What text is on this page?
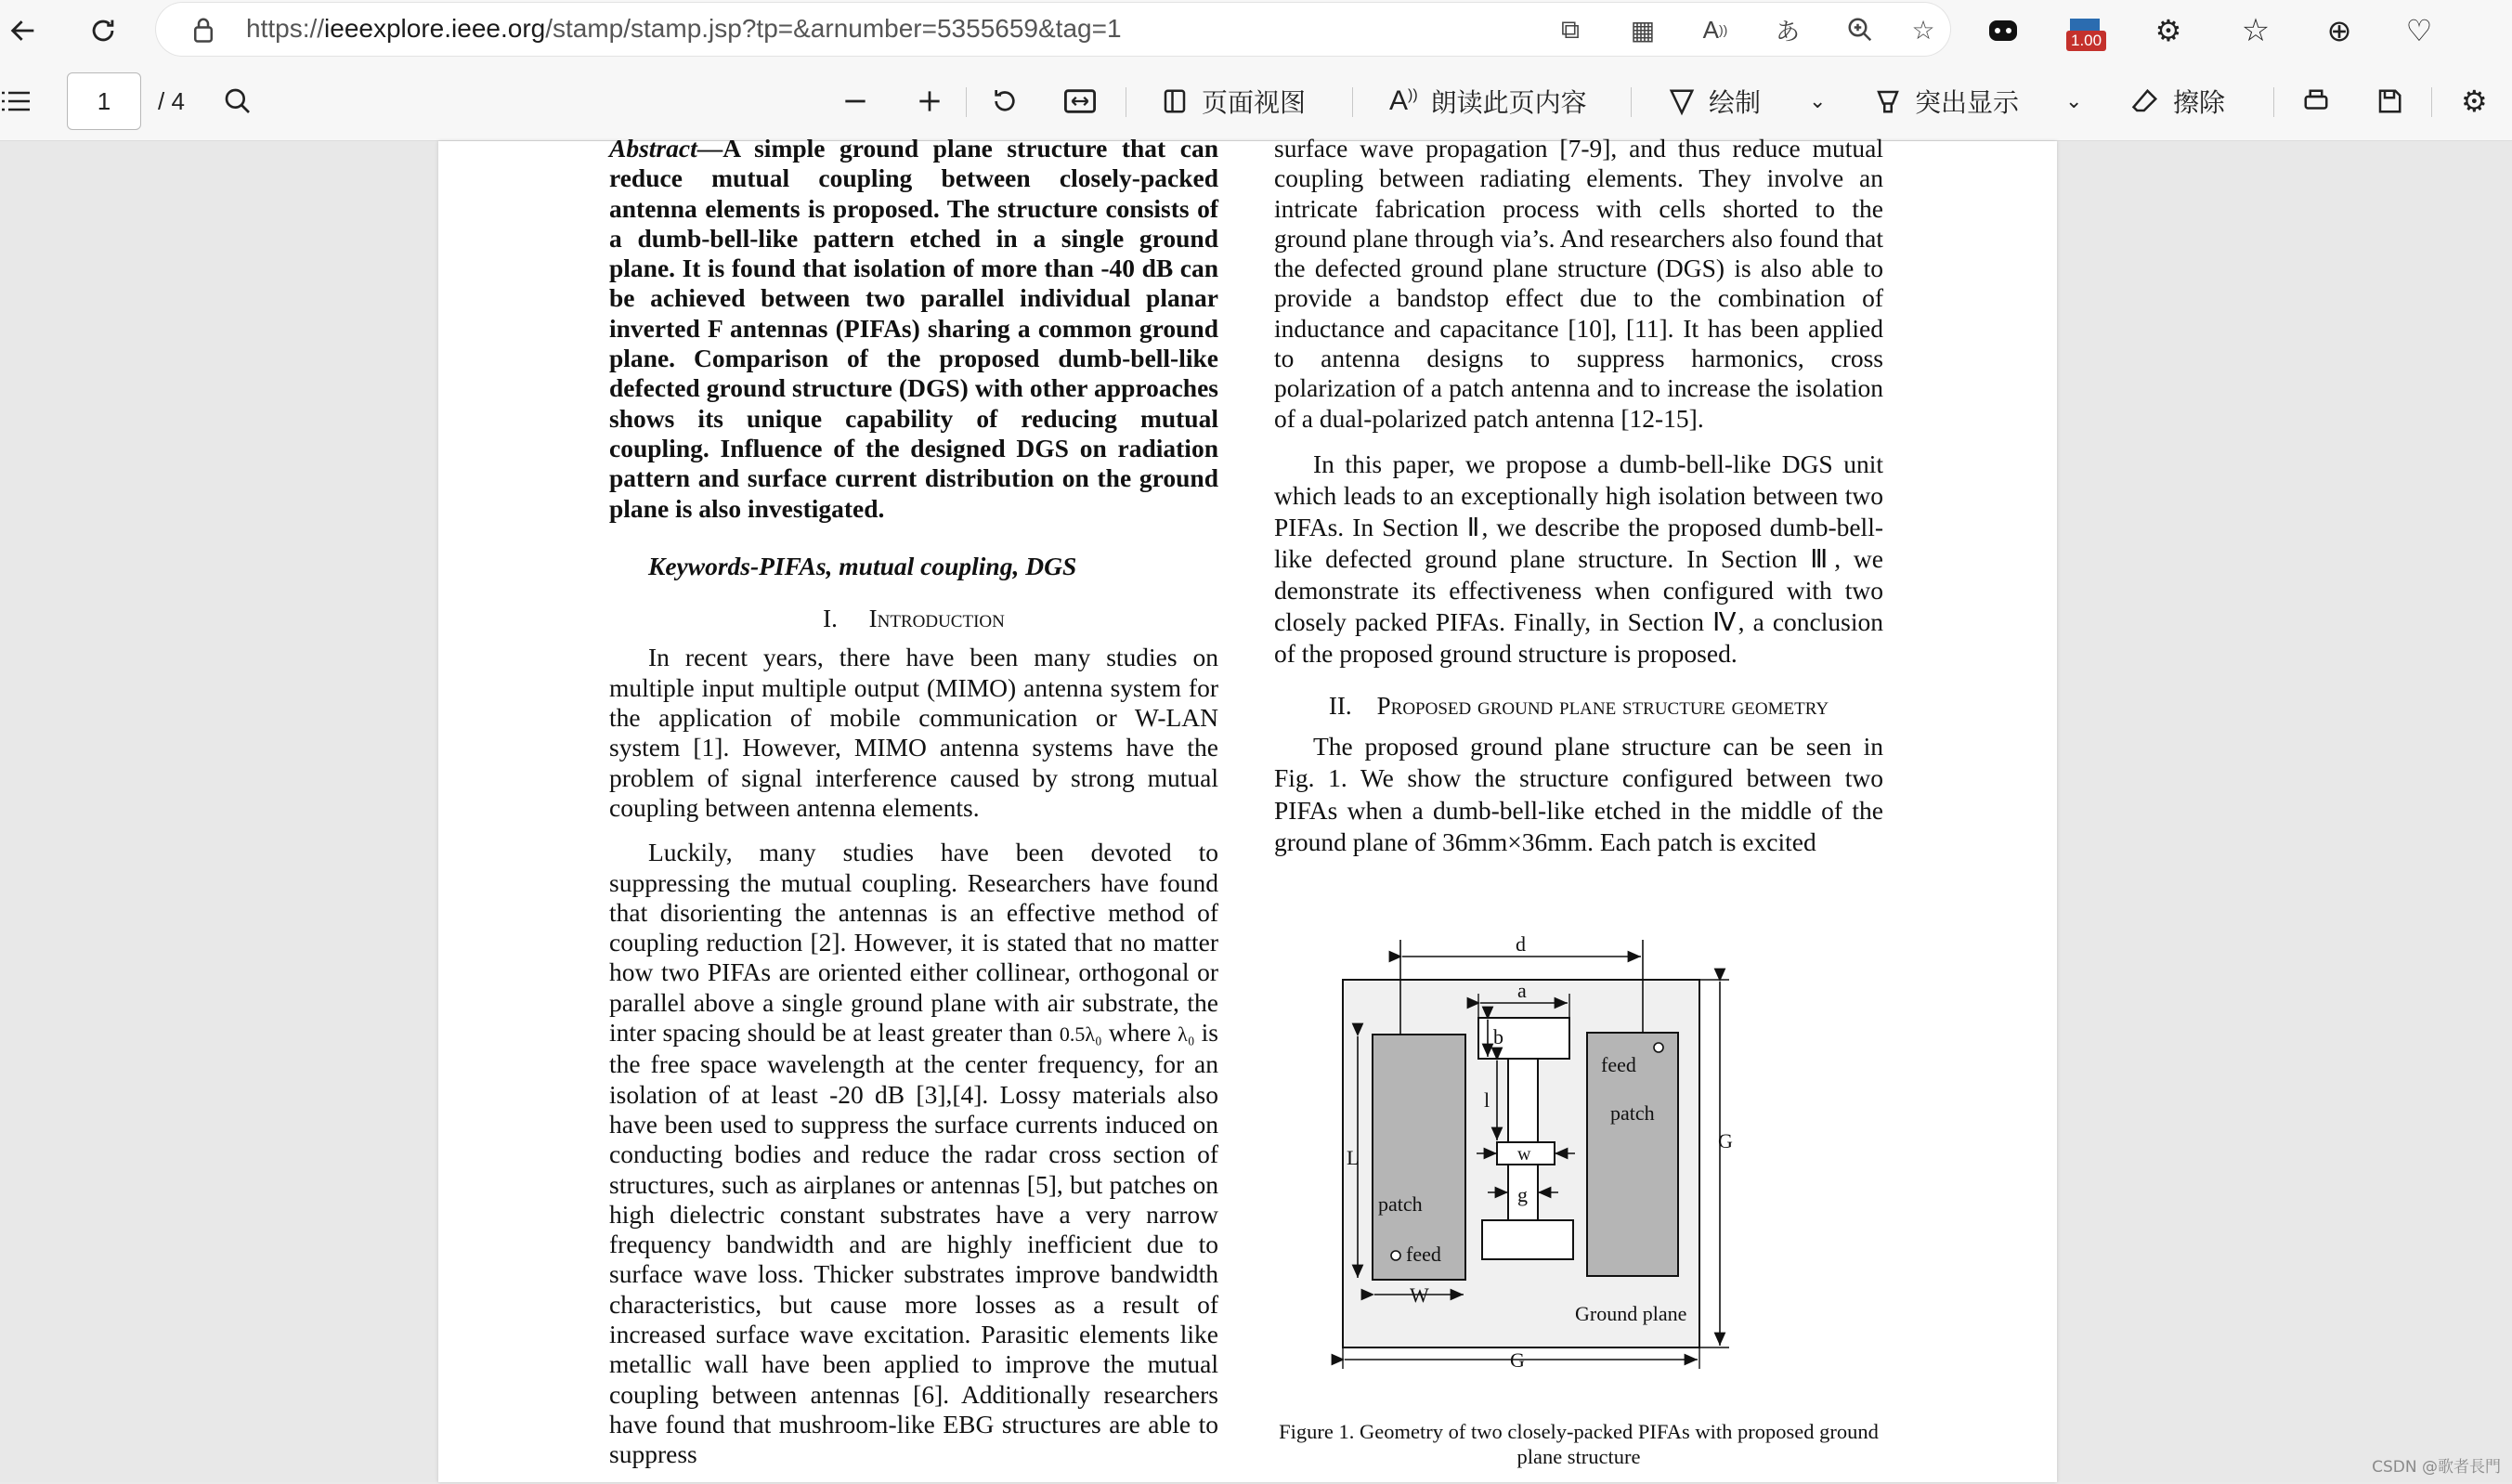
https://ieeexplore.ieee.org/stamp/stamp.jsp?tp=&arnumber=5355659&tag=1	⧉	▦ A ))	あ	☆	1.00	⚙	☆	⊕	♡
1	/ 4	页面视图	A)) 朗读此页内容	绘制 ⌄	突出显示 ⌄	擦除	⚙
Abstract—A simple ground plane structure that can reduce mutual coupling between closely-packed antenna elements is proposed. The structure consists of a dumb-bell-like pattern etched in a single ground plane. It is found that isolation of more than -40 dB can be achieved between two parallel individual planar inverted F antennas (PIFAs) sharing a common ground plane. Comparison of the proposed dumb-bell-like defected ground structure (DGS) with other approaches shows its unique capability of reducing mutual coupling. Influence of the designed DGS on radiation pattern and surface current distribution on the ground plane is also investigated.
Keywords-PIFAs, mutual coupling, DGS
I. Introduction
In recent years, there have been many studies on multiple input multiple output (MIMO) antenna system for the application of mobile communication or W-LAN system [1]. However, MIMO antenna systems have the problem of signal interference caused by strong mutual coupling between antenna elements.
Luckily, many studies have been devoted to suppressing the mutual coupling. Researchers have found that disorienting the antennas is an effective method of coupling reduction [2]. However, it is stated that no matter how two PIFAs are oriented either collinear, orthogonal or parallel above a single ground plane with air substrate, the inter spacing should be at least greater than 0.5λ₀ where λ₀ is the free space wavelength at the center frequency, for an isolation of at least -20 dB [3],[4]. Lossy materials also have been used to suppress the surface currents induced on conducting bodies and reduce the radar cross section of structures, such as airplanes or antennas [5], but patches on high dielectric constant substrates have a very narrow frequency bandwidth and are highly inefficient due to surface wave loss. Thicker substrates improve bandwidth characteristics, but cause more losses as a result of increased surface wave excitation. Parasitic elements like metallic wall have been applied to improve the mutual coupling between antennas [6]. Additionally researchers have found that mushroom-like EBG structures are able to suppress
surface wave propagation [7-9], and thus reduce mutual coupling between radiating elements. They involve an intricate fabrication process with cells shorted to the ground plane through via’s. And researchers also found that the defected ground plane structure (DGS) is also able to provide a bandstop effect due to the combination of inductance and capacitance [10], [11]. It has been applied to antenna designs to suppress harmonics, cross polarization of a patch antenna and to increase the isolation of a dual-polarized patch antenna [12-15].
In this paper, we propose a dumb-bell-like DGS unit which leads to an exceptionally high isolation between two PIFAs. In Section Ⅱ, we describe the proposed dumb-bell-like defected ground plane structure. In Section Ⅲ, we demonstrate its effectiveness when configured with two closely packed PIFAs. Finally, in Section Ⅳ, a conclusion of the proposed ground structure is proposed.
II. Proposed ground plane structure geometry
The proposed ground plane structure can be seen in Fig. 1. We show the structure configured between two PIFAs when a dumb-bell-like etched in the middle of the ground plane of 36mm×36mm. Each patch is excited
d
a
b
l
w
g
L
W
G
G
patch
feed
feed
patch
Ground plane
Figure 1. Geometry of two closely-packed PIFAs with proposed ground plane structure	CSDN @歌者長門
